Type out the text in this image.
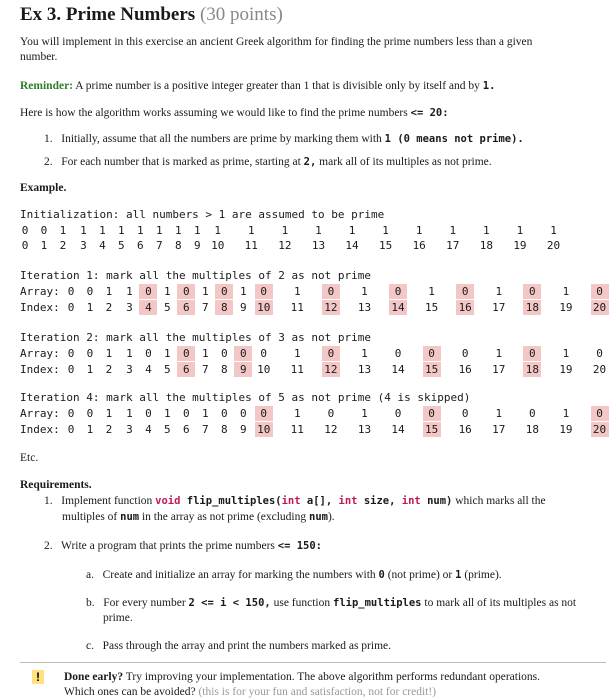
Ex 3. Prime Numbers (30 points)
You will implement in this exercise an ancient Greek algorithm for finding the prime numbers less than a given
number.
Reminder: A prime number is a positive integer greater than 1 that is divisible only by itself and by 1.
Here is how the algorithm works assuming we would like to find the prime numbers <= 20:
1. Initially, assume that all the numbers are prime by marking them with 1 (0 means not prime).
2. For each number that is marked as prime, starting at 2, mark all of its multiples as not prime.
Example.
Initialization: all numbers > 1 are assumed to be prime
0	0	1	1	1	1	1	1	1	1	1	1	1	1	1	1	1	1	1	1	1
0	1	2	3	4	5	6	7	8	9 10 11 12 13 14 15 16 17 18 19 20
Iteration 1: mark all the multiples of 2 as not prime
Array: 0	0	1	1	0	1	0	1	0	1	0	1	0	1	0	1	0	1	0	1	0
Index: 0	1	2	3	4	5	6	7	8	9 10 11 12 13 14 15 16 17 18 19 20
Iteration 2: mark all the multiples of 3 as not prime
Array: 0	0	1	1	0	1	0	1	0	0	0	1	0	1	0	0	0	1	0	1	0
Index: 0	1	2	3	4	5	6	7	8	9 10 11 12 13 14 15 16 17 18 19 20
Iteration 4: mark all the multiples of 5 as not prime (4 is skipped)
Array: 0	0	1	1	0	1	0	1	0	0	0	1	0	1	0	0	0	1	0	1	0
Index: 0	1	2	3	4	5	6	7	8	9 10 11 12 13 14 15 16 17 18 19 20
Etc.
Requirements.
1. Implement function void flip_multiples(int a[], int size, int num) which marks all the
multiples of num in the array as not prime (excluding num).
2. Write a program that prints the prime numbers <= 150:
a. Create and initialize an array for marking the numbers with 0 (not prime) or 1 (prime).
b. For every number 2 <= i < 150, use function flip_multiples to mark all of its multiples as not
prime.
c. Pass through the array and print the numbers marked as prime.
!	Done early? Try improving your implementation. The above algorithm performs redundant operations.
Which ones can be avoided? (this is for your fun and satisfaction, not for credit!)
